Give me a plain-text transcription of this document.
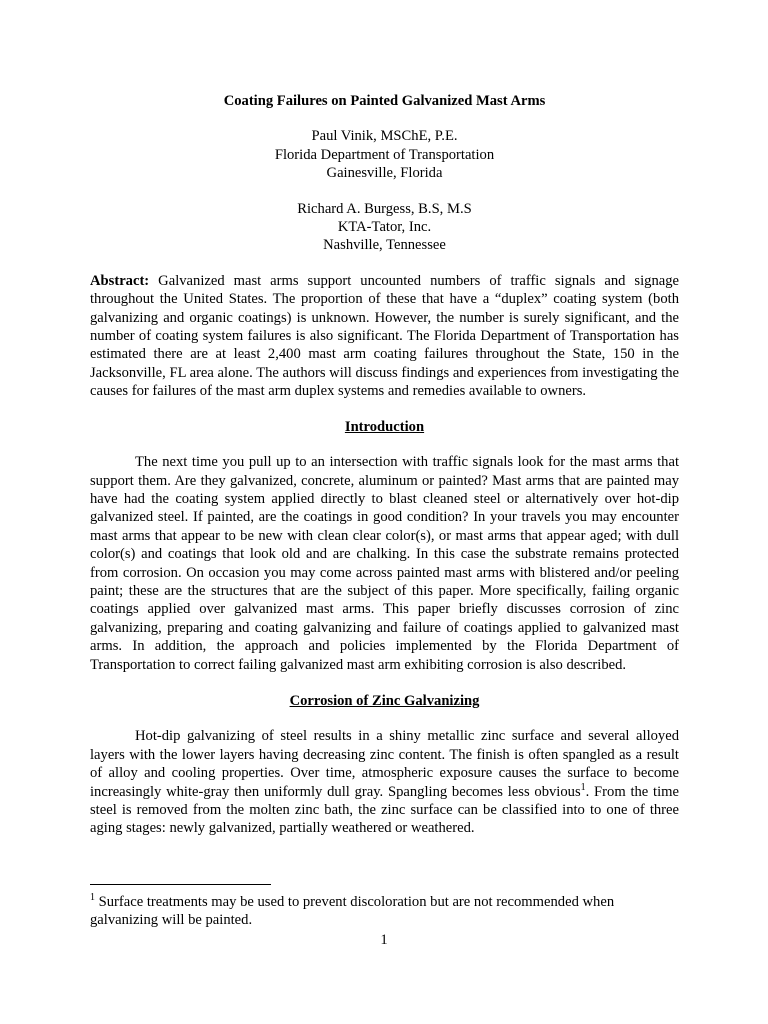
Coating Failures on Painted Galvanized Mast Arms

Paul Vinik, MSChE, P.E.
Florida Department of Transportation
Gainesville, Florida
Richard A. Burgess, B.S, M.S
KTA-Tator, Inc.
Nashville, Tennessee

Abstract: Galvanized mast arms support uncounted numbers of traffic signals and signage throughout the United States. The proportion of these that have a “duplex” coating system (both galvanizing and organic coatings) is unknown. However, the number is surely significant, and the number of coating system failures is also significant. The Florida Department of Transportation has estimated there are at least 2,400 mast arm coating failures throughout the State, 150 in the Jacksonville, FL area alone. The authors will discuss findings and experiences from investigating the causes for failures of the mast arm duplex systems and remedies available to owners.

Introduction

The next time you pull up to an intersection with traffic signals look for the mast arms that support them. Are they galvanized, concrete, aluminum or painted? Mast arms that are painted may have had the coating system applied directly to blast cleaned steel or alternatively over hot-dip galvanized steel. If painted, are the coatings in good condition? In your travels you may encounter mast arms that appear to be new with clean clear color(s), or mast arms that appear aged; with dull color(s) and coatings that look old and are chalking. In this case the substrate remains protected from corrosion. On occasion you may come across painted mast arms with blistered and/or peeling paint; these are the structures that are the subject of this paper. More specifically, failing organic coatings applied over galvanized mast arms. This paper briefly discusses corrosion of zinc galvanizing, preparing and coating galvanizing and failure of coatings applied to galvanized mast arms. In addition, the approach and policies implemented by the Florida Department of Transportation to correct failing galvanized mast arm exhibiting corrosion is also described.

Corrosion of Zinc Galvanizing

Hot-dip galvanizing of steel results in a shiny metallic zinc surface and several alloyed layers with the lower layers having decreasing zinc content. The finish is often spangled as a result of alloy and cooling properties. Over time, atmospheric exposure causes the surface to become increasingly white-gray then uniformly dull gray. Spangling becomes less obvious$^1$. From the time steel is removed from the molten zinc bath, the zinc surface can be classified into to one of three aging stages: newly galvanized, partially weathered or weathered.

$^1$ Surface treatments may be used to prevent discoloration but are not recommended when galvanizing will be painted.

1
